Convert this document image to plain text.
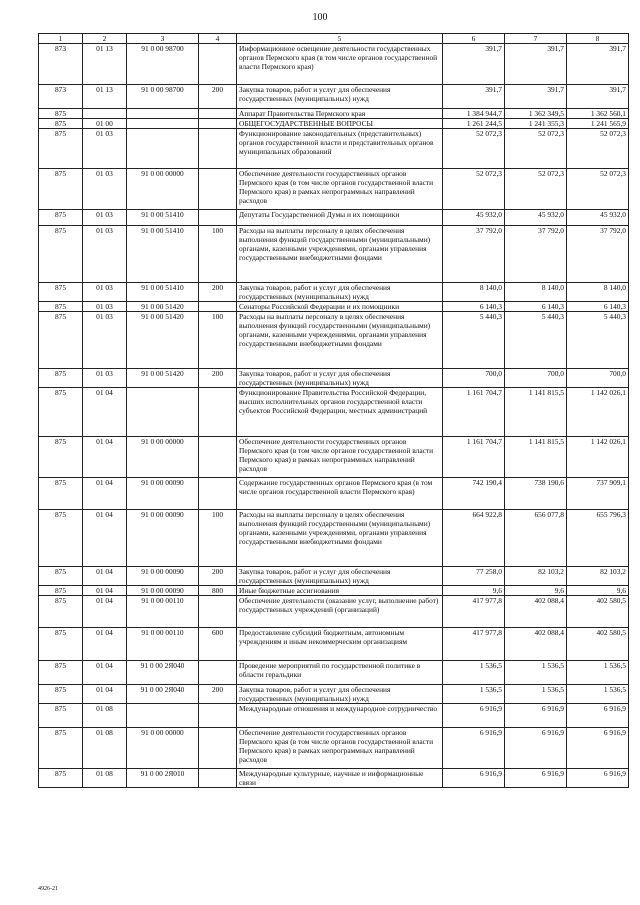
100
1	2	3	4	5	6	7	8
873	01 13	91 0 00 98700		Информационное освещение деятельности государственных органов Пермского края (в том числе органов государственной власти Пермского края)	391,7	391,7	391,7
873	01 13	91 0 00 98700	200	Закупка товаров, работ и услуг для обеспечения государственных (муниципальных) нужд	391,7	391,7	391,7
875				Аппарат Правительства Пермского края	1 384 944,7	1 362 349,5	1 362 560,1
875	01 00			ОБЩЕГОСУДАРСТВЕННЫЕ ВОПРОСЫ	1 261 244,5	1 241 355,3	1 241 565,9
875	01 03			Функционирование законодательных (представительных) органов государственной власти и представительных органов муниципальных образований	52 072,3	52 072,3	52 072,3
875	01 03	91 0 00 00000		Обеспечение деятельности государственных органов Пермского края (в том числе органов государственной власти Пермского края) в рамках непрограммных направлений расходов	52 072,3	52 072,3	52 072,3
875	01 03	91 0 00 51410		Депутаты Государственной Думы и их помощники	45 932,0	45 932,0	45 932,0
875	01 03	91 0 00 51410	100	Расходы на выплаты персоналу в целях обеспечения выполнения функций государственными (муниципальными) органами, казенными учреждениями, органами управления государственными внебюджетными фондами	37 792,0	37 792,0	37 792,0
875	01 03	91 0 00 51410	200	Закупка товаров, работ и услуг для обеспечения государственных (муниципальных) нужд	8 140,0	8 140,0	8 140,0
875	01 03	91 0 00 51420		Сенаторы Российской Федерации и их помощники	6 140,3	6 140,3	6 140,3
875	01 03	91 0 00 51420	100	Расходы на выплаты персоналу в целях обеспечения выполнения функций государственными (муниципальными) органами, казенными учреждениями, органами управления государственными внебюджетными фондами	5 440,3	5 440,3	5 440,3
875	01 03	91 0 00 51420	200	Закупка товаров, работ и услуг для обеспечения государственных (муниципальных) нужд	700,0	700,0	700,0
875	01 04			Функционирование Правительства Российской Федерации, высших исполнительных органов государственной власти субъектов Российской Федерации, местных администраций	1 161 704,7	1 141 815,5	1 142 026,1
875	01 04	91 0 00 00000		Обеспечение деятельности государственных органов Пермского края (в том числе органов государственной власти Пермского края) в рамках непрограммных направлений расходов	1 161 704,7	1 141 815,5	1 142 026,1
875	01 04	91 0 00 00090		Содержание государственных органов Пермского края (в том числе органов государственной власти Пермского края)	742 190,4	738 190,6	737 909,1
875	01 04	91 0 00 00090	100	Расходы на выплаты персоналу в целях обеспечения выполнения функций государственными (муниципальными) органами, казенными учреждениями, органами управления государственными внебюджетными фондами	664 922,8	656 077,8	655 796,3
875	01 04	91 0 00 00090	200	Закупка товаров, работ и услуг для обеспечения государственных (муниципальных) нужд	77 258,0	82 103,2	82 103,2
875	01 04	91 0 00 00090	800	Иные бюджетные ассигнования	9,6	9,6	9,6
875	01 04	91 0 00 00110		Обеспечение деятельности (оказание услуг, выполнение работ) государственных учреждений (организаций)	417 977,8	402 088,4	402 580,5
875	01 04	91 0 00 00110	600	Предоставление субсидий бюджетным, автономным учреждениям и иным некоммерческим организациям	417 977,8	402 088,4	402 580,5
875	01 04	91 0 00 2Я040		Проведение мероприятий по государственной политике в области геральдики	1 536,5	1 536,5	1 536,5
875	01 04	91 0 00 2Я040	200	Закупка товаров, работ и услуг для обеспечения государственных (муниципальных) нужд	1 536,5	1 536,5	1 536,5
875	01 08			Международные отношения и международное сотрудничество	6 916,9	6 916,9	6 916,9
875	01 08	91 0 00 00000		Обеспечение деятельности государственных органов Пермского края (в том числе органов государственной власти Пермского края) в рамках непрограммных направлений расходов	6 916,9	6 916,9	6 916,9
875	01 08	91 0 00 2Я010		Международные культурные, научные и информационные связи	6 916,9	6 916,9	6 916,9
4926-21
